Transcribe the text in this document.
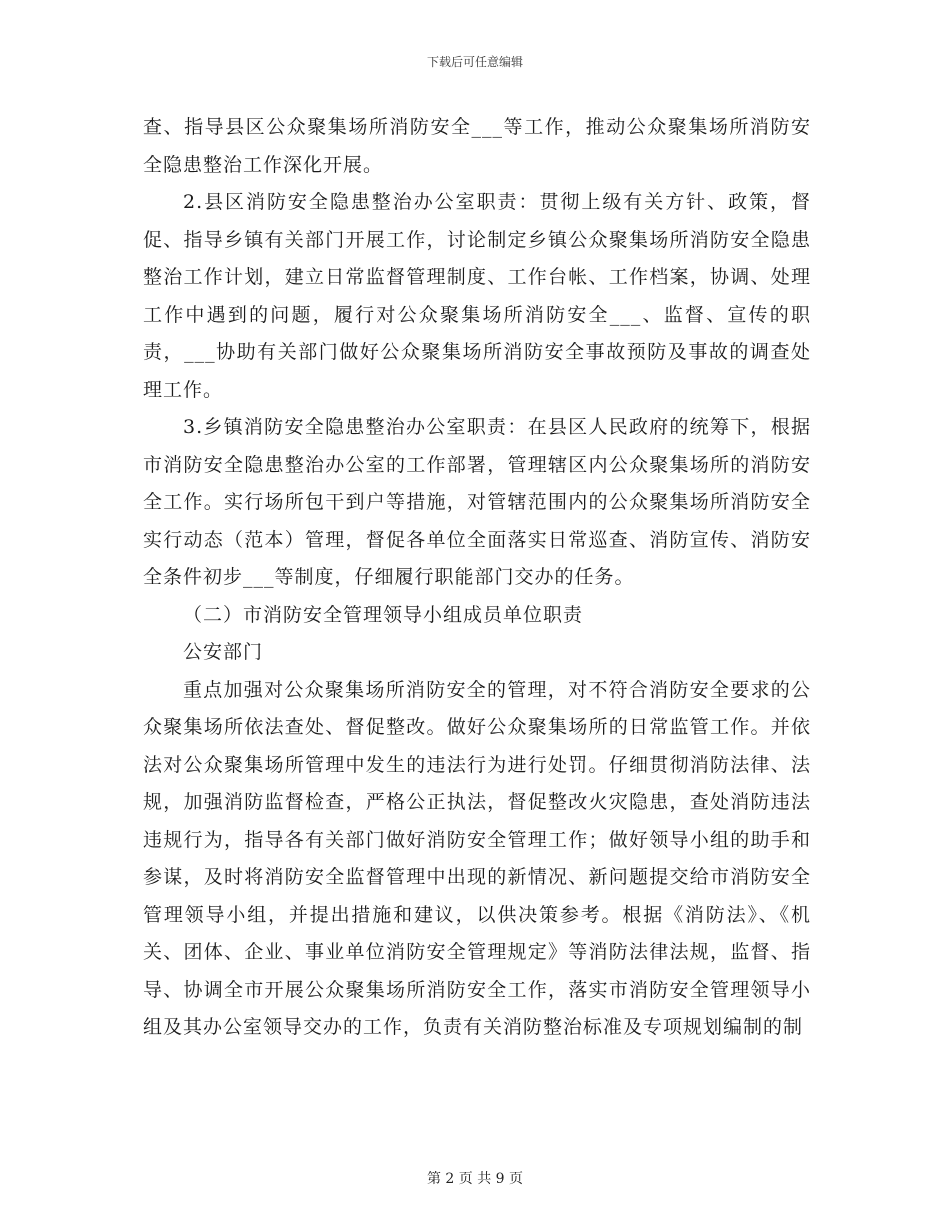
下载后可任意编辑

查、指导县区公众聚集场所消防安全___等工作，推动公众聚集场所消防安全隐患整治工作深化开展。

2.县区消防安全隐患整治办公室职责：贯彻上级有关方针、政策，督促、指导乡镇有关部门开展工作，讨论制定乡镇公众聚集场所消防安全隐患整治工作计划，建立日常监督管理制度、工作台帐、工作档案，协调、处理工作中遇到的问题，履行对公众聚集场所消防安全___、监督、宣传的职责，___协助有关部门做好公众聚集场所消防安全事故预防及事故的调查处理工作。

3.乡镇消防安全隐患整治办公室职责：在县区人民政府的统筹下，根据市消防安全隐患整治办公室的工作部署，管理辖区内公众聚集场所的消防安全工作。实行场所包干到户等措施，对管辖范围内的公众聚集场所消防安全实行动态（范本）管理，督促各单位全面落实日常巡查、消防宣传、消防安全条件初步___等制度，仔细履行职能部门交办的任务。

（二）市消防安全管理领导小组成员单位职责

公安部门

重点加强对公众聚集场所消防安全的管理，对不符合消防安全要求的公众聚集场所依法查处、督促整改。做好公众聚集场所的日常监管工作。并依法对公众聚集场所管理中发生的违法行为进行处罚。仔细贯彻消防法律、法规，加强消防监督检查，严格公正执法，督促整改火灾隐患，查处消防违法违规行为，指导各有关部门做好消防安全管理工作；做好领导小组的助手和参谋，及时将消防安全监督管理中出现的新情况、新问题提交给市消防安全管理领导小组，并提出措施和建议，以供决策参考。根据《消防法》、《机关、团体、企业、事业单位消防安全管理规定》等消防法律法规，监督、指导、协调全市开展公众聚集场所消防安全工作，落实市消防安全管理领导小组及其办公室领导交办的工作，负责有关消防整治标准及专项规划编制的制

第 2 页 共 9 页
